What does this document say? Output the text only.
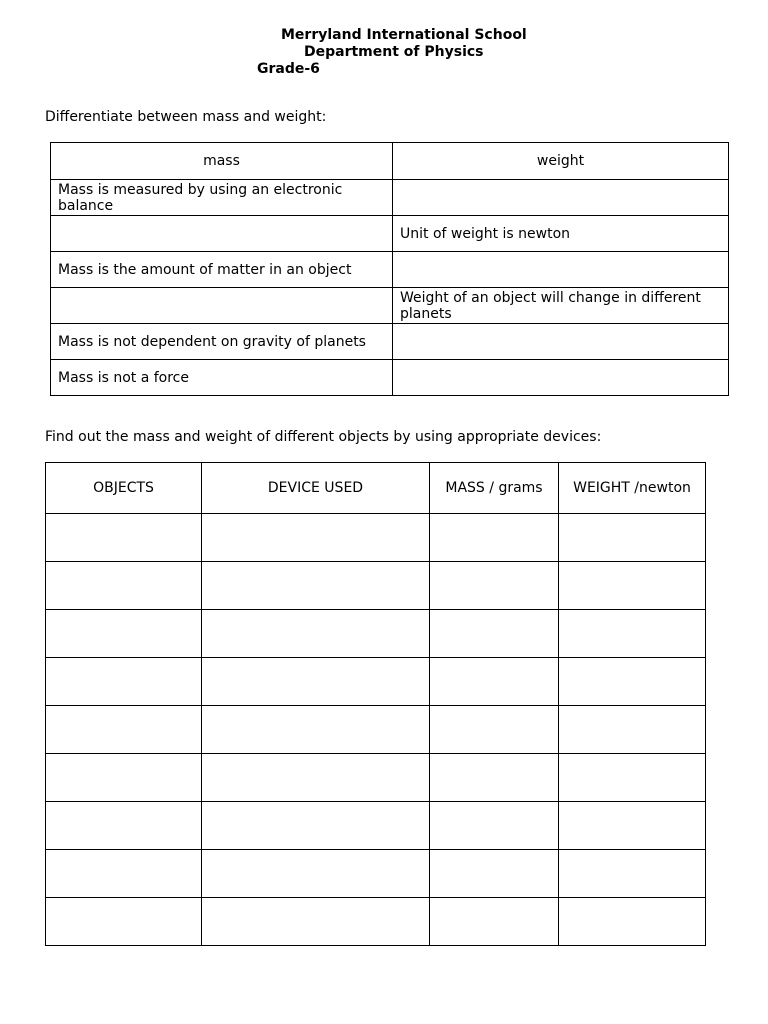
Merryland International School
Department of Physics
Grade-6
Differentiate between mass and weight:
mass	weight
Mass is measured by using an electronic balance	
	Unit of weight is newton
Mass is the amount of matter in an object	
	Weight of an object will change in different planets
Mass is not dependent on gravity of planets	
Mass is not a force	
Find out the mass and weight of different objects by using appropriate devices:
OBJECTS	DEVICE USED	MASS / grams	WEIGHT /newton
